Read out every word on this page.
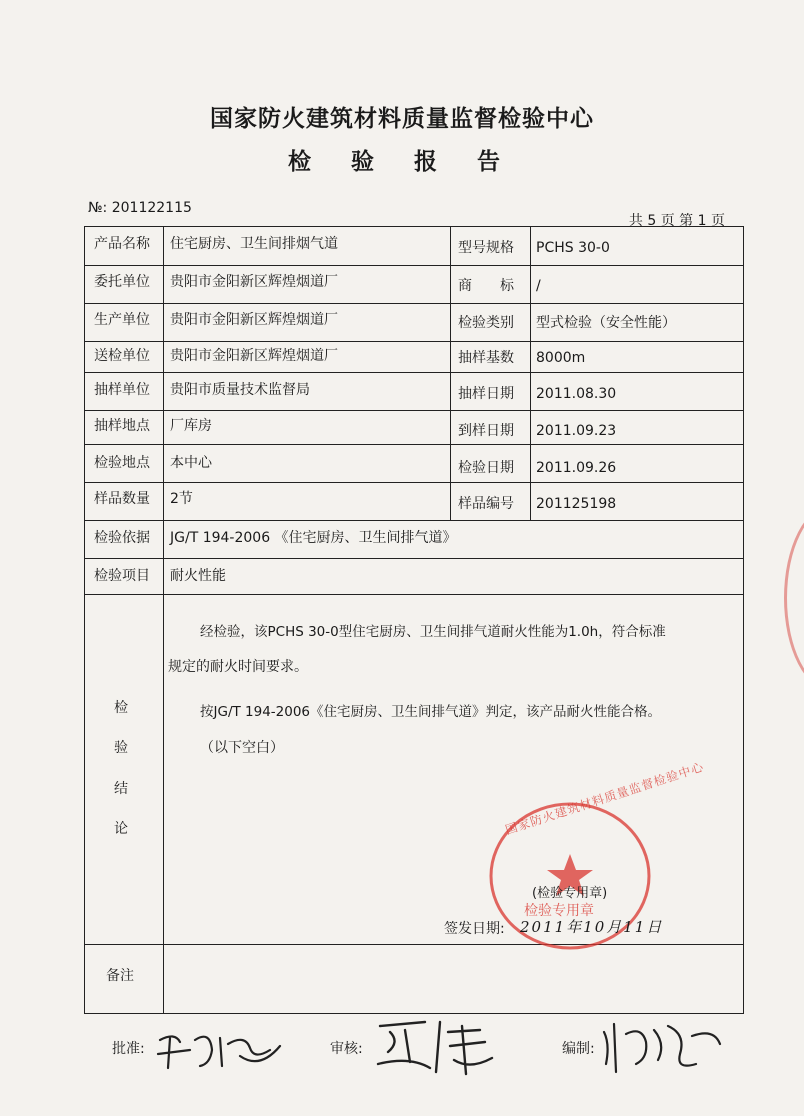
国家防火建筑材料质量监督检验中心
检 验 报 告
№: 201122115
共 5 页 第 1 页
产品名称 住宅厨房、卫生间排烟气道	型号规格 PCHS 30-0
委托单位 贵阳市金阳新区辉煌烟道厂	商　　标 /
生产单位 贵阳市金阳新区辉煌烟道厂	检验类别 型式检验（安全性能）
送检单位 贵阳市金阳新区辉煌烟道厂	抽样基数 8000m
抽样单位 贵阳市质量技术监督局	抽样日期 2011.08.30
抽样地点 厂库房	到样日期 2011.09.23
检验地点 本中心	检验日期 2011.09.26
样品数量 2节	样品编号 201125198
检验依据 JG/T 194-2006 《住宅厨房、卫生间排气道》
检验项目 耐火性能
检
验
结
论
经检验，该PCHS 30-0型住宅厨房、卫生间排气道耐火性能为1.0h，符合标准
规定的耐火时间要求。
按JG/T 194-2006《住宅厨房、卫生间排气道》判定，该产品耐火性能合格。
（以下空白）
(检验专用章)
检验专用章
国家防火建筑材料质量监督检验中心
签发日期: 2011年10月11日
备注
批准:	审核:	编制:
